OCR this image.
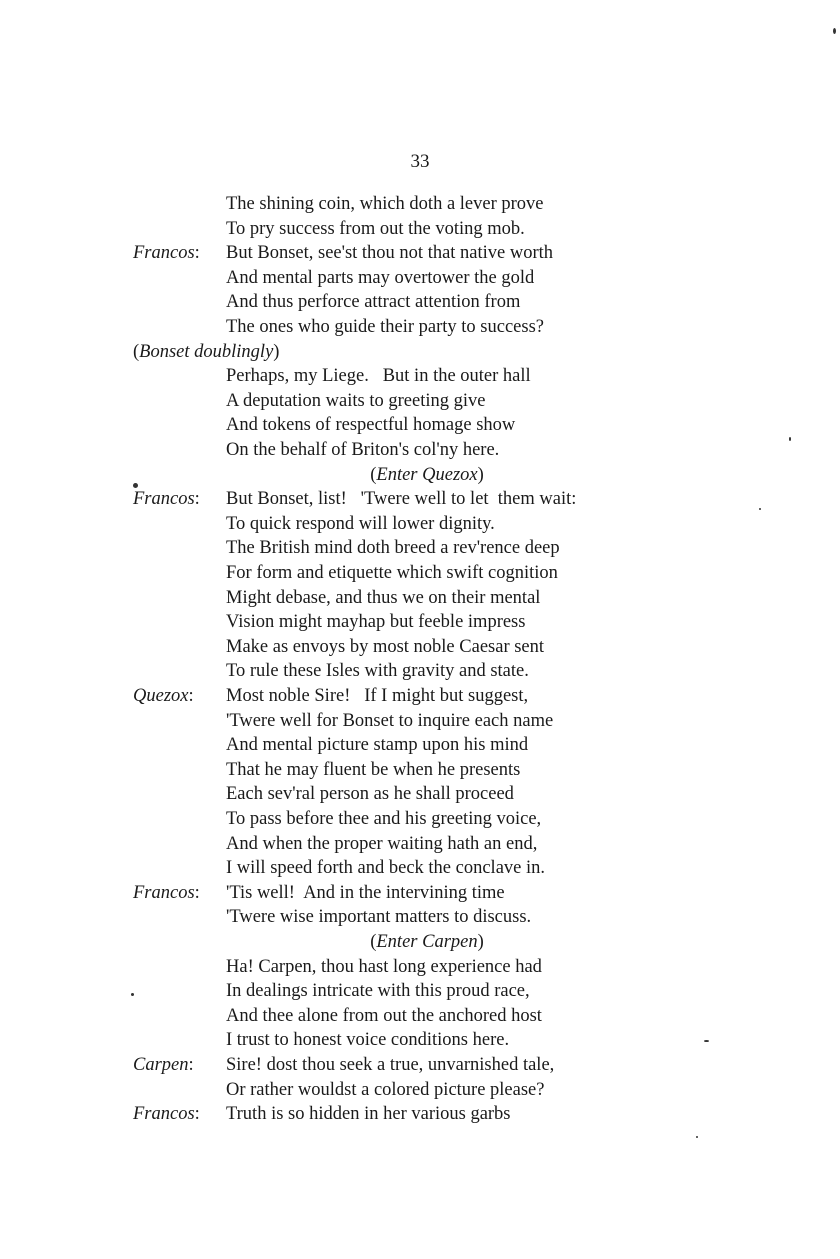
33
The shining coin, which doth a lever prove
To pry success from out the voting mob.
Francos: But Bonset, see'st thou not that native worth
And mental parts may overtower the gold
And thus perforce attract attention from
The ones who guide their party to success?
(Bonset doublingly)
Perhaps, my Liege.   But in the outer hall
A deputation waits to greeting give
And tokens of respectful homage show
On the behalf of Briton's col'ny here.
(Enter Quezox)
Francos: But Bonset, list!   'Twere well to let  them wait:
To quick respond will lower dignity.
The British mind doth breed a rev'rence deep
For form and etiquette which swift cognition
Might debase, and thus we on their mental
Vision might mayhap but feeble impress
Make as envoys by most noble Caesar sent
To rule these Isles with gravity and state.
Quezox: Most noble Sire!   If I might but suggest,
'Twere well for Bonset to inquire each name
And mental picture stamp upon his mind
That he may fluent be when he presents
Each sev'ral person as he shall proceed
To pass before thee and his greeting voice,
And when the proper waiting hath an end,
I will speed forth and beck the conclave in.
Francos: 'Tis well!  And in the intervining time
'Twere wise important matters to discuss.
(Enter Carpen)
Ha! Carpen, thou hast long experience had
In dealings intricate with this proud race,
And thee alone from out the anchored host
I trust to honest voice conditions here.
Carpen: Sire! dost thou seek a true, unvarnished tale,
Or rather wouldst a colored picture please?
Francos: Truth is so hidden in her various garbs
